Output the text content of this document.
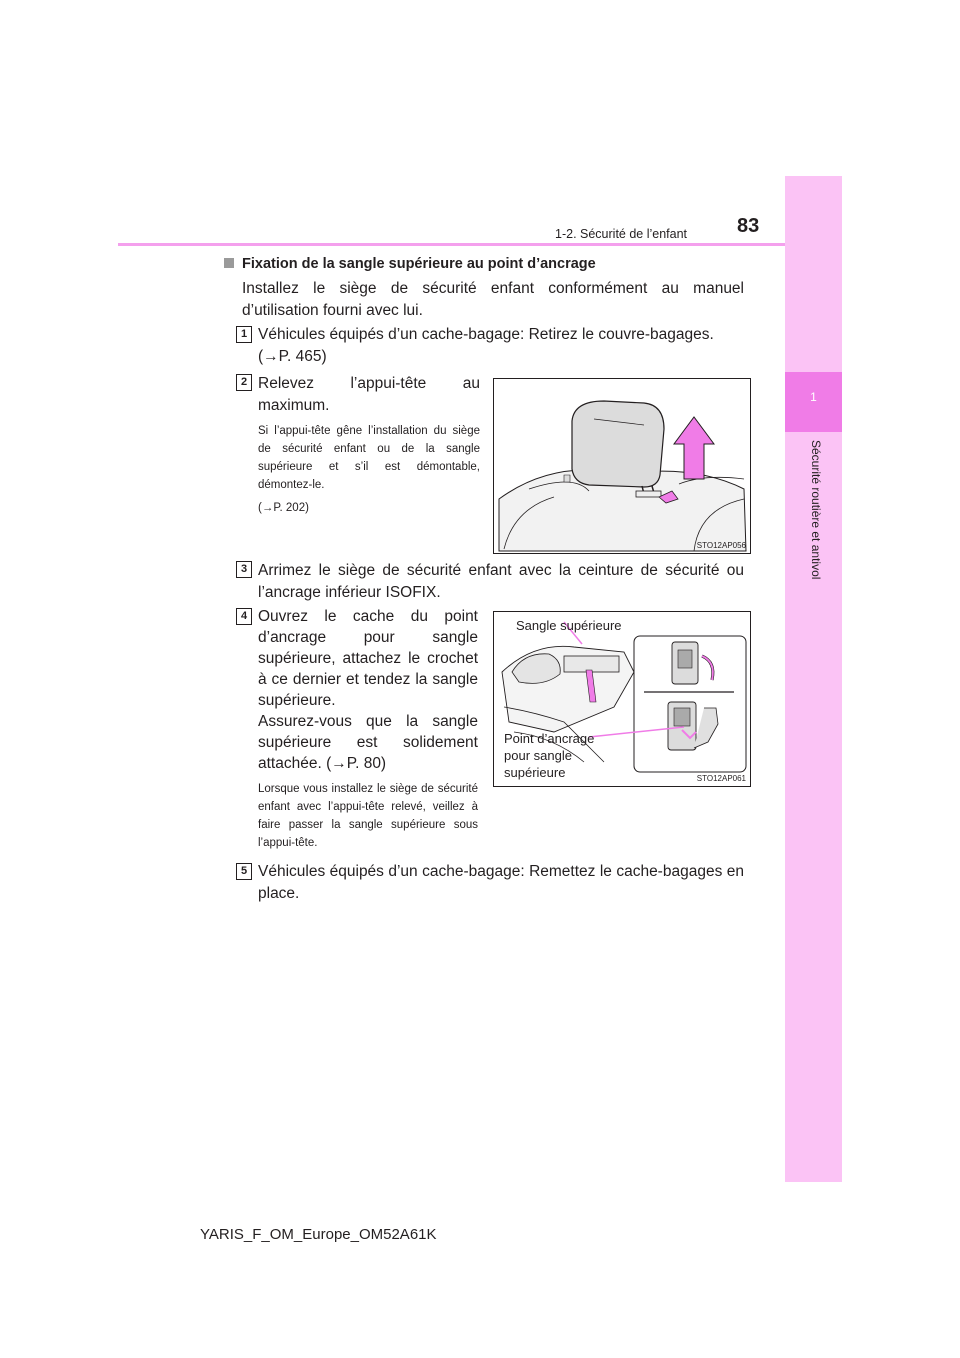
1
Sécurité routière et antivol
1-2. Sécurité de l’enfant 83
Fixation de la sangle supérieure au point d’ancrage
Installez le siège de sécurité enfant conformément au manuel d’utilisation fourni avec lui.
1 Véhicules équipés d’un cache-bagage: Retirez le couvre-bagages.
(→P. 465)
2 Relevez l’appui-tête au maximum.
Si l’appui-tête gêne l’installation du siège de sécurité enfant ou de la sangle supérieure et s’il est démontable, démontez-le.
(→P. 202)
STO12AP056
3 Arrimez le siège de sécurité enfant avec la ceinture de sécurité ou l’ancrage inférieur ISOFIX.
4 Ouvrez le cache du point d’ancrage pour sangle supérieure, attachez le crochet à ce dernier et tendez la sangle supérieure.
Assurez-vous que la sangle supérieure est solidement attachée. (→P. 80)
Lorsque vous installez le siège de sécurité enfant avec l’appui-tête relevé, veillez à faire passer la sangle supérieure sous l’appui-tête.
Sangle supérieure
Point d’ancrage
pour sangle
supérieure	STO12AP061
5 Véhicules équipés d’un cache-bagage: Remettez le cache-bagages en place.
YARIS_F_OM_Europe_OM52A61K
